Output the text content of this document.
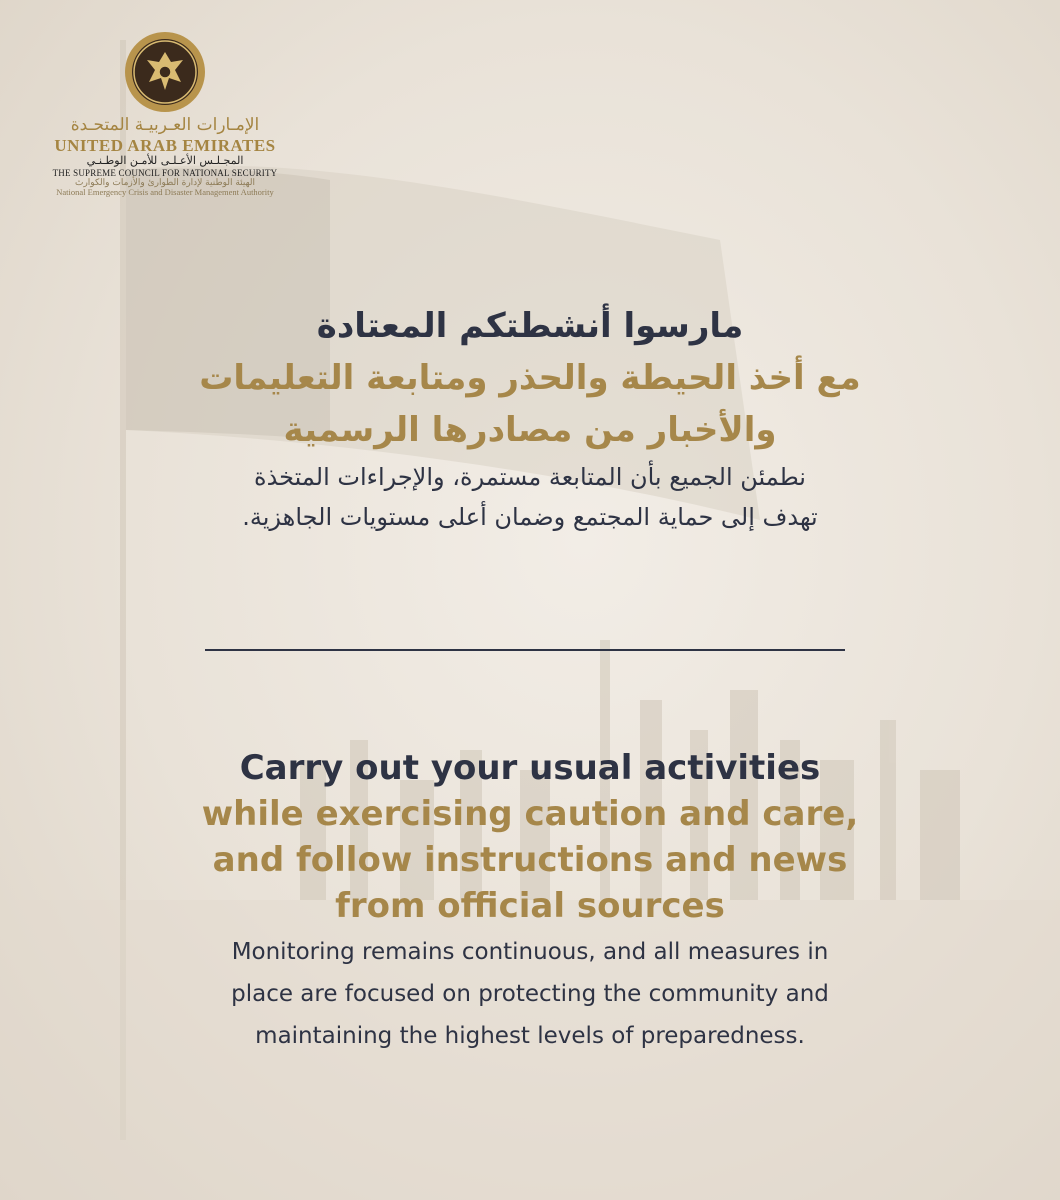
الإمـارات العـربيـة المتحـدة
UNITED ARAB EMIRATES
المجـلـس الأعـلـى للأمـن الوطـنـي
THE SUPREME COUNCIL FOR NATIONAL SECURITY
الهيئة الوطنية لإدارة الطوارئ والأزمات والكوارث
National Emergency Crisis and Disaster Management Authority
مارسوا أنشطتكم المعتادة
مع أخذ الحيطة والحذر ومتابعة التعليمات
والأخبار من مصادرها الرسمية
نطمئن الجميع بأن المتابعة مستمرة، والإجراءات المتخذة
تهدف إلى حماية المجتمع وضمان أعلى مستويات الجاهزية.
Carry out your usual activities
while exercising caution and care,
and follow instructions and news
from official sources
Monitoring remains continuous, and all measures in
place are focused on protecting the community and
maintaining the highest levels of preparedness.
